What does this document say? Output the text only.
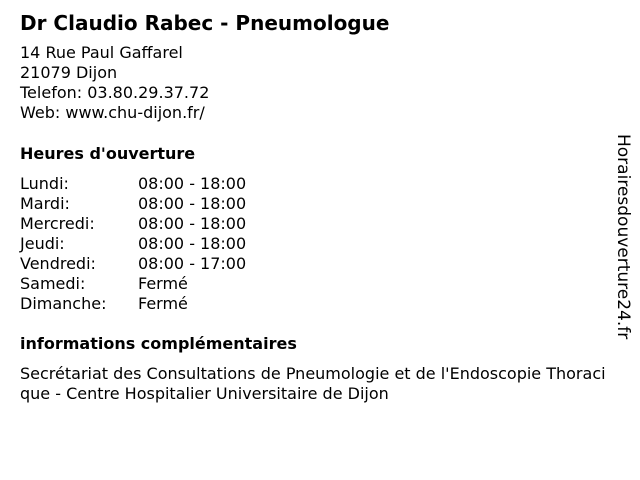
Dr Claudio Rabec - Pneumologue
14 Rue Paul Gaffarel
21079 Dijon
Telefon: 03.80.29.37.72
Web: www.chu-dijon.fr/
Heures d'ouverture
Lundi:	08:00 - 18:00
Mardi:	08:00 - 18:00
Mercredi:	08:00 - 18:00
Jeudi:	08:00 - 18:00
Vendredi:	08:00 - 17:00
Samedi:	Fermé
Dimanche: Fermé
informations complémentaires
Secrétariat des Consultations de Pneumologie et de l'Endoscopie Thoracique - Centre Hospitalier Universitaire de Dijon
Horairesdouverture24.fr
